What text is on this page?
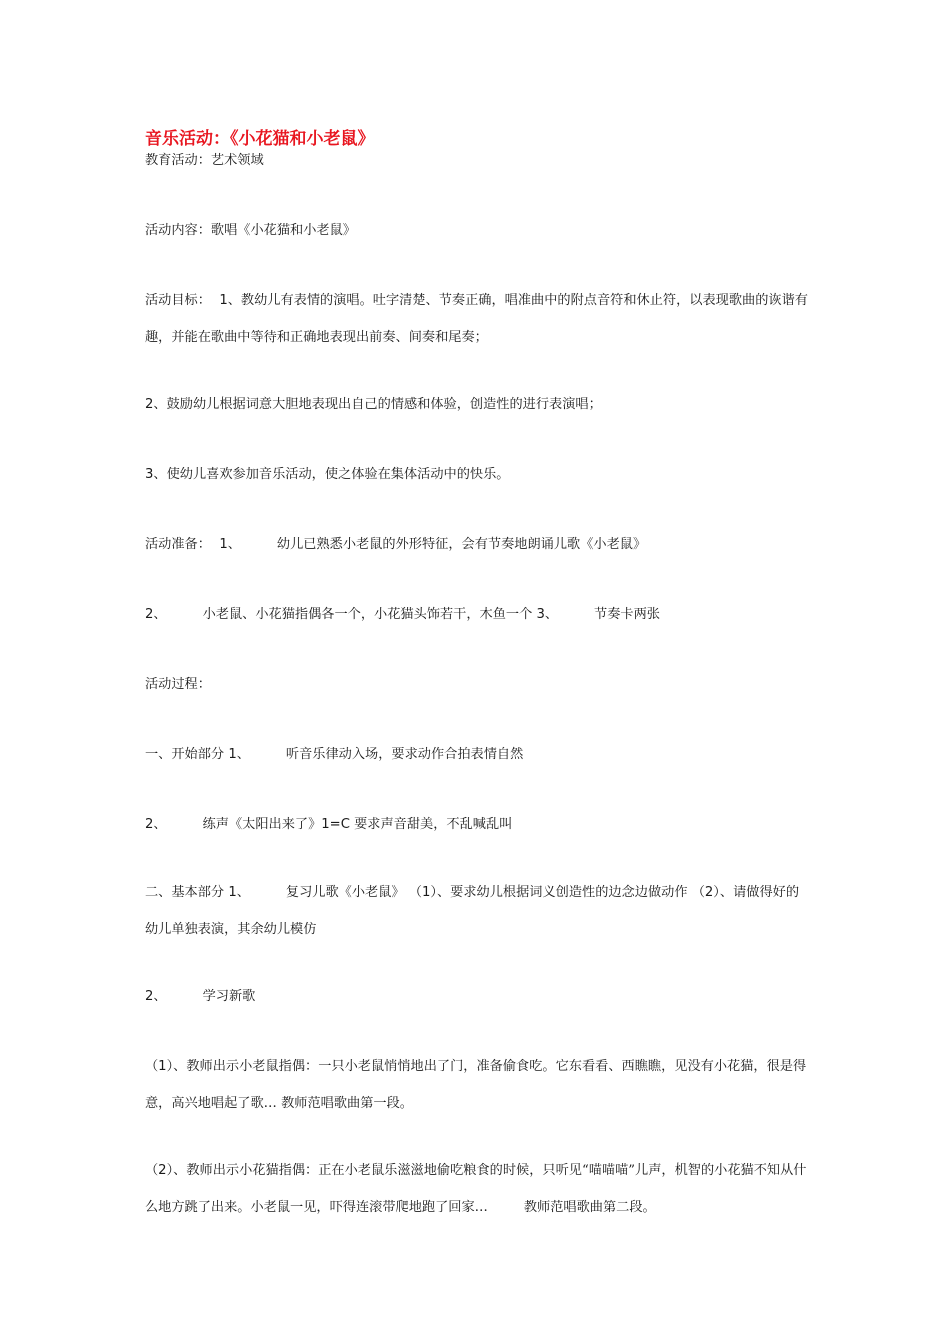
音乐活动：《小花猫和小老鼠》
教育活动：艺术领域
活动内容：歌唱《小花猫和小老鼠》
活动目标： 1、教幼儿有表情的演唱。吐字清楚、节奏正确，唱准曲中的附点音符和休止符，以表现歌曲的诙谐有趣，并能在歌曲中等待和正确地表现出前奏、间奏和尾奏；
2、鼓励幼儿根据词意大胆地表现出自己的情感和体验，创造性的进行表演唱；
3、使幼儿喜欢参加音乐活动，使之体验在集体活动中的快乐。
活动准备： 1、	幼儿已熟悉小老鼠的外形特征，会有节奏地朗诵儿歌《小老鼠》
2、	小老鼠、小花猫指偶各一个，小花猫头饰若干，木鱼一个 3、	节奏卡两张
活动过程：
一、开始部分 1、	听音乐律动入场，要求动作合拍表情自然
2、	练声《太阳出来了》1=C 要求声音甜美，不乱喊乱叫
二、基本部分 1、	复习儿歌《小老鼠》 （1）、要求幼儿根据词义创造性的边念边做动作 （2）、请做得好的幼儿单独表演，其余幼儿模仿
2、	学习新歌
（1）、教师出示小老鼠指偶：一只小老鼠悄悄地出了门，准备偷食吃。它东看看、西瞧瞧，见没有小花猫，很是得意，高兴地唱起了歌… 教师范唱歌曲第一段。
（2）、教师出示小花猫指偶：正在小老鼠乐滋滋地偷吃粮食的时候，只听见“喵喵喵”儿声，机智的小花猫不知从什么地方跳了出来。小老鼠一见，吓得连滚带爬地跑了回家…	教师范唱歌曲第二段。
